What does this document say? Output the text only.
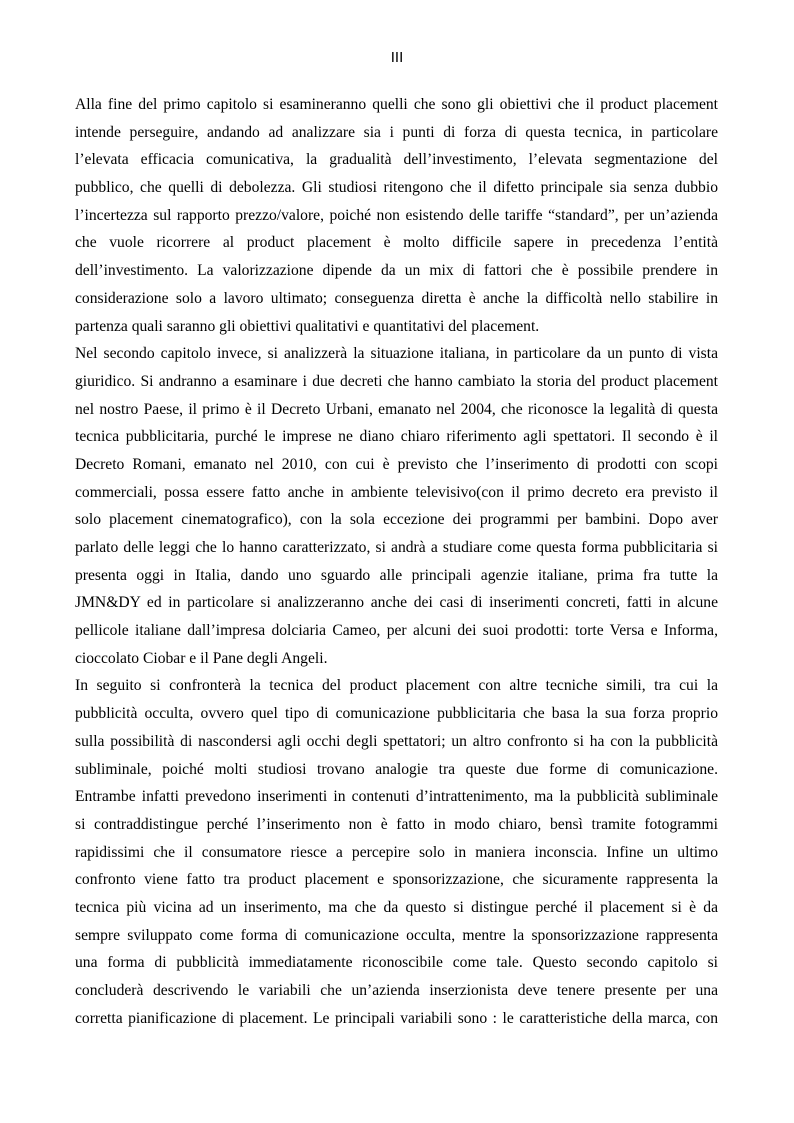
III
Alla fine del primo capitolo si esamineranno quelli che sono gli obiettivi che il product placement
intende perseguire, andando ad analizzare sia i punti di forza di questa tecnica, in particolare
l’elevata efficacia comunicativa, la gradualità dell’investimento, l’elevata segmentazione del
pubblico, che quelli di debolezza. Gli studiosi ritengono che il difetto principale sia senza dubbio
l’incertezza sul rapporto prezzo/valore, poiché non esistendo delle tariffe “standard”, per un’azienda
che vuole ricorrere al product placement è molto difficile sapere in precedenza l’entità
dell’investimento. La valorizzazione dipende da un mix di fattori che è possibile prendere in
considerazione solo a lavoro ultimato; conseguenza diretta è anche la difficoltà nello stabilire in
partenza quali saranno gli obiettivi qualitativi e quantitativi del placement.
Nel secondo capitolo invece, si analizzerà la situazione italiana, in particolare da un punto di vista
giuridico. Si andranno a esaminare i due decreti che hanno cambiato la storia del product placement
nel nostro Paese, il primo è il Decreto Urbani, emanato nel 2004, che riconosce la legalità di questa
tecnica pubblicitaria, purché le imprese ne diano chiaro riferimento agli spettatori. Il secondo è il
Decreto Romani, emanato nel 2010, con cui è previsto che l’inserimento di prodotti con scopi
commerciali, possa essere fatto anche in ambiente televisivo(con il primo decreto era previsto il
solo placement cinematografico), con la sola eccezione dei programmi per bambini. Dopo aver
parlato delle leggi che lo hanno caratterizzato, si andrà a studiare come questa forma pubblicitaria si
presenta oggi in Italia, dando uno sguardo alle principali agenzie italiane, prima fra tutte la
JMN&DY ed in particolare si analizzeranno anche dei casi di inserimenti concreti, fatti in alcune
pellicole italiane dall’impresa dolciaria Cameo, per alcuni dei suoi prodotti: torte Versa e Informa,
cioccolato Ciobar e il Pane degli Angeli.
In seguito si confronterà la tecnica del product placement con altre tecniche simili, tra cui la
pubblicità occulta, ovvero quel tipo di comunicazione pubblicitaria che basa la sua forza proprio
sulla possibilità di nascondersi agli occhi degli spettatori; un altro confronto si ha con la pubblicità
subliminale, poiché molti studiosi trovano analogie tra queste due forme di comunicazione.
Entrambe infatti prevedono inserimenti in contenuti d’intrattenimento, ma la pubblicità subliminale
si contraddistingue perché l’inserimento non è fatto in modo chiaro, bensì tramite fotogrammi
rapidissimi che il consumatore riesce a percepire solo in maniera inconscia. Infine un ultimo
confronto viene fatto tra product placement e sponsorizzazione, che sicuramente rappresenta la
tecnica più vicina ad un inserimento, ma che da questo si distingue perché il placement si è da
sempre sviluppato come forma di comunicazione occulta, mentre la sponsorizzazione rappresenta
una forma di pubblicità immediatamente riconoscibile come tale. Questo secondo capitolo si
concluderà descrivendo le variabili che un’azienda inserzionista deve tenere presente per una
corretta pianificazione di placement. Le principali variabili sono : le caratteristiche della marca, con
